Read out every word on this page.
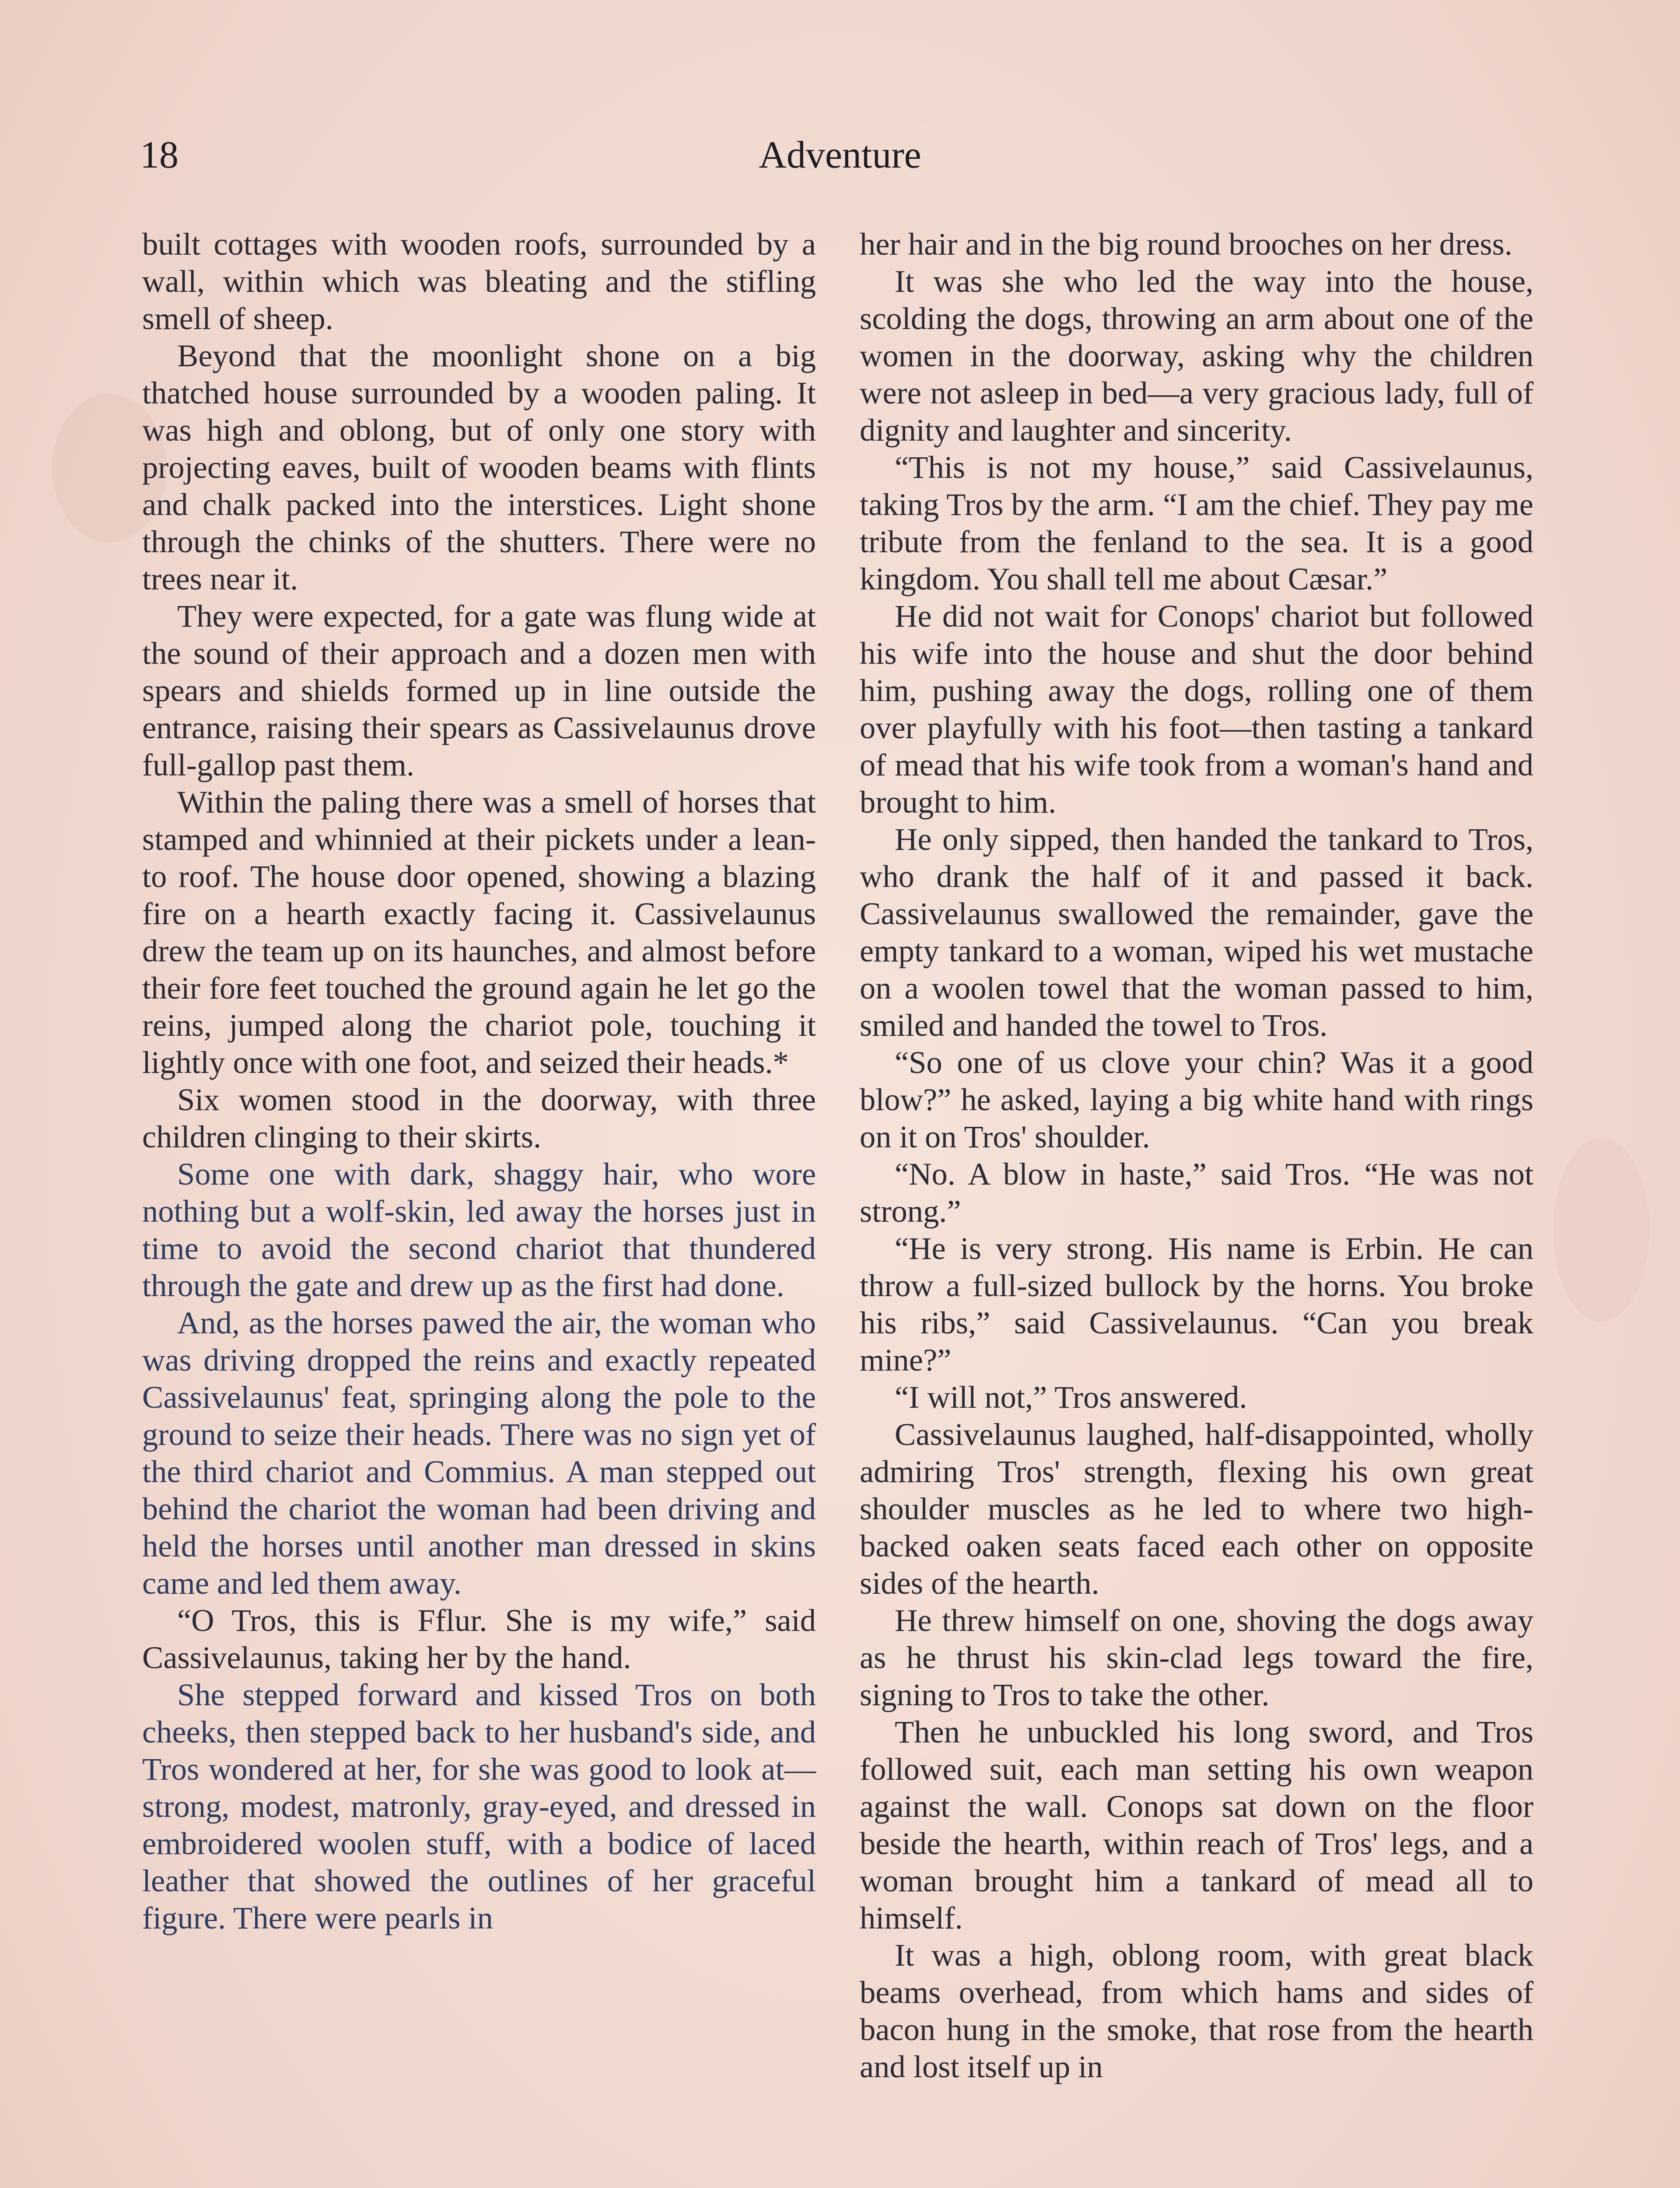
18	Adventure

built cottages with wooden roofs, surrounded by a wall, within which was bleating and the stifling smell of sheep.

Beyond that the moonlight shone on a big thatched house surrounded by a wooden paling. It was high and oblong, but of only one story with projecting eaves, built of wooden beams with flints and chalk packed into the interstices. Light shone through the chinks of the shutters. There were no trees near it.

They were expected, for a gate was flung wide at the sound of their approach and a dozen men with spears and shields formed up in line outside the entrance, raising their spears as Cassivelaunus drove full-gallop past them.

Within the paling there was a smell of horses that stamped and whinnied at their pickets under a lean-to roof. The house door opened, showing a blazing fire on a hearth exactly facing it. Cassivelaunus drew the team up on its haunches, and almost before their fore feet touched the ground again he let go the reins, jumped along the chariot pole, touching it lightly once with one foot, and seized their heads.*

Six women stood in the doorway, with three children clinging to their skirts.

Some one with dark, shaggy hair, who wore nothing but a wolf-skin, led away the horses just in time to avoid the second chariot that thundered through the gate and drew up as the first had done.

And, as the horses pawed the air, the woman who was driving dropped the reins and exactly repeated Cassivelaunus' feat, springing along the pole to the ground to seize their heads. There was no sign yet of the third chariot and Commius. A man stepped out behind the chariot the woman had been driving and held the horses until another man dressed in skins came and led them away.

“O Tros, this is Fflur. She is my wife,” said Cassivelaunus, taking her by the hand.

She stepped forward and kissed Tros on both cheeks, then stepped back to her husband's side, and Tros wondered at her, for she was good to look at—strong, modest, matronly, gray-eyed, and dressed in embroidered woolen stuff, with a bodice of laced leather that showed the outlines of her graceful figure. There were pearls in

her hair and in the big round brooches on her dress.

It was she who led the way into the house, scolding the dogs, throwing an arm about one of the women in the doorway, asking why the children were not asleep in bed—a very gracious lady, full of dignity and laughter and sincerity.

“This is not my house,” said Cassivelaunus, taking Tros by the arm. “I am the chief. They pay me tribute from the fenland to the sea. It is a good kingdom. You shall tell me about Cæsar.”

He did not wait for Conops' chariot but followed his wife into the house and shut the door behind him, pushing away the dogs, rolling one of them over playfully with his foot—then tasting a tankard of mead that his wife took from a woman's hand and brought to him.

He only sipped, then handed the tankard to Tros, who drank the half of it and passed it back. Cassivelaunus swallowed the remainder, gave the empty tankard to a woman, wiped his wet mustache on a woolen towel that the woman passed to him, smiled and handed the towel to Tros.

“So one of us clove your chin? Was it a good blow?” he asked, laying a big white hand with rings on it on Tros' shoulder.

“No. A blow in haste,” said Tros. “He was not strong.”

“He is very strong. His name is Erbin. He can throw a full-sized bullock by the horns. You broke his ribs,” said Cassivelaunus. “Can you break mine?”

“I will not,” Tros answered.

Cassivelaunus laughed, half-disappointed, wholly admiring Tros' strength, flexing his own great shoulder muscles as he led to where two high-backed oaken seats faced each other on opposite sides of the hearth.

He threw himself on one, shoving the dogs away as he thrust his skin-clad legs toward the fire, signing to Tros to take the other.

Then he unbuckled his long sword, and Tros followed suit, each man setting his own weapon against the wall. Conops sat down on the floor beside the hearth, within reach of Tros' legs, and a woman brought him a tankard of mead all to himself.

It was a high, oblong room, with great black beams overhead, from which hams and sides of bacon hung in the smoke, that rose from the hearth and lost itself up in
